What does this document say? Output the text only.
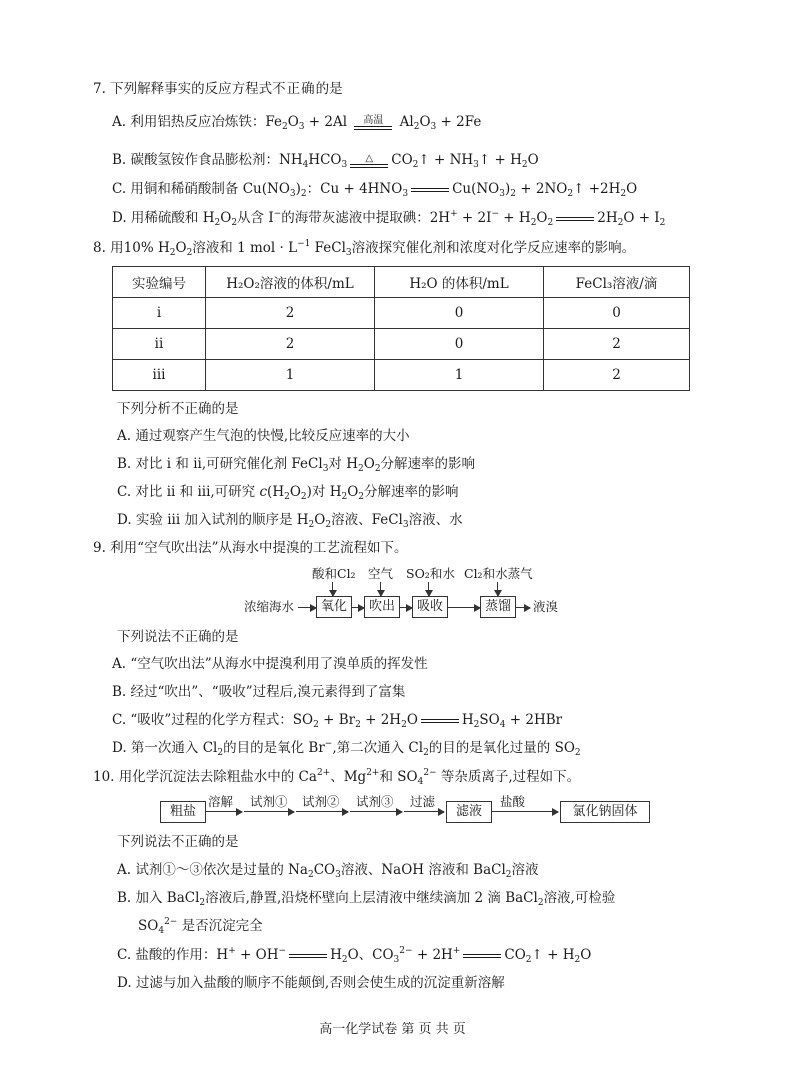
7. 下列解释事实的反应方程式不正确的是
A. 利用铝热反应冶炼铁：$Fe_2O_3 + 2Al$	高温 $Al_2O_3 + 2Fe$
B. 碳酸氢铵作食品膨松剂：$NH_4HCO_3$
△	$CO_2↑$ + $NH_3↑ + H_2O$
C. 用铜和稀硝酸制备 $Cu(NO_3)_2$：$Cu + 4HNO_3$	$Cu(NO_3)_2$ + $2NO_2↑ +2H_2O$
D. 用稀硫酸和 $H_2O_2$从含 I−的海带灰滤液中提取碘：$2H^+ + 2I^- + H_2O_2$	$2H_2O + I_2$
8. 用10% $H_2O_2$溶液和 1 mol · $L^{-1}$ FeCl$_3$溶液探究催化剂和浓度对化学反应速率的影响。
实验编号	H₂O₂溶液的体积/mL	H₂O 的体积/mL	FeCl₃溶液/滴
i	2	0	0
ii	2	0	2
iii	1	1	2
下列分析不正确的是
A. 通过观察产生气泡的快慢,比较反应速率的大小
B. 对比 i 和 ii,可研究催化剂 FeCl$_3$对 $H_2O_2$分解速率的影响
C. 对比 ii 和 iii,可研究 $c(H_2O_2)$对 $H_2O_2$分解速率的影响
D. 实验 iii 加入试剂的顺序是 $H_2O_2$溶液、FeCl$_3$溶液、水
9. 利用“空气吹出法”从海水中提溴的工艺流程如下。
酸和Cl₂ 空气 SO₂和水 Cl₂和水蒸气
浓缩海水	氧化	吹出	吸收	蒸馏	液溴
下列说法不正确的是
A. “空气吹出法”从海水中提溴利用了溴单质的挥发性
B. 经过“吹出”、“吸收”过程后,溴元素得到了富集
C. “吸收”过程的化学方程式：$SO_2 + Br_2 + 2H_2O$	$H_2SO_4 + 2HBr$
D. 第一次通入 $Cl_2$的目的是氧化 Br−,第二次通入 $Cl_2$的目的是氧化过量的 $SO_2$
10. 用化学沉淀法去除粗盐水中的 $Ca^{2+}$、$Mg^{2+}$和 $SO_4^{2-}$ 等杂质离子,过程如下。
粗盐
溶解 试剂① 试剂② 试剂③ 过滤
滤液
盐酸
氯化钠固体
下列说法不正确的是
A. 试剂①～③依次是过量的 $Na_2CO_3$溶液、NaOH 溶液和 BaCl$_2$溶液
B. 加入 BaCl$_2$溶液后,静置,沿烧杯壁向上层清液中继续滴加 2 滴 BaCl$_2$溶液,可检验
$SO_4^{2-}$ 是否沉淀完全
C. 盐酸的作用：H+ + OH−	$H_2O$、$CO_3^{2-} + 2H^+$	$CO_2↑ + H_2O$
D. 过滤与加入盐酸的顺序不能颠倒,否则会使生成的沉淀重新溶解
高一化学试卷 第 页 共 页
